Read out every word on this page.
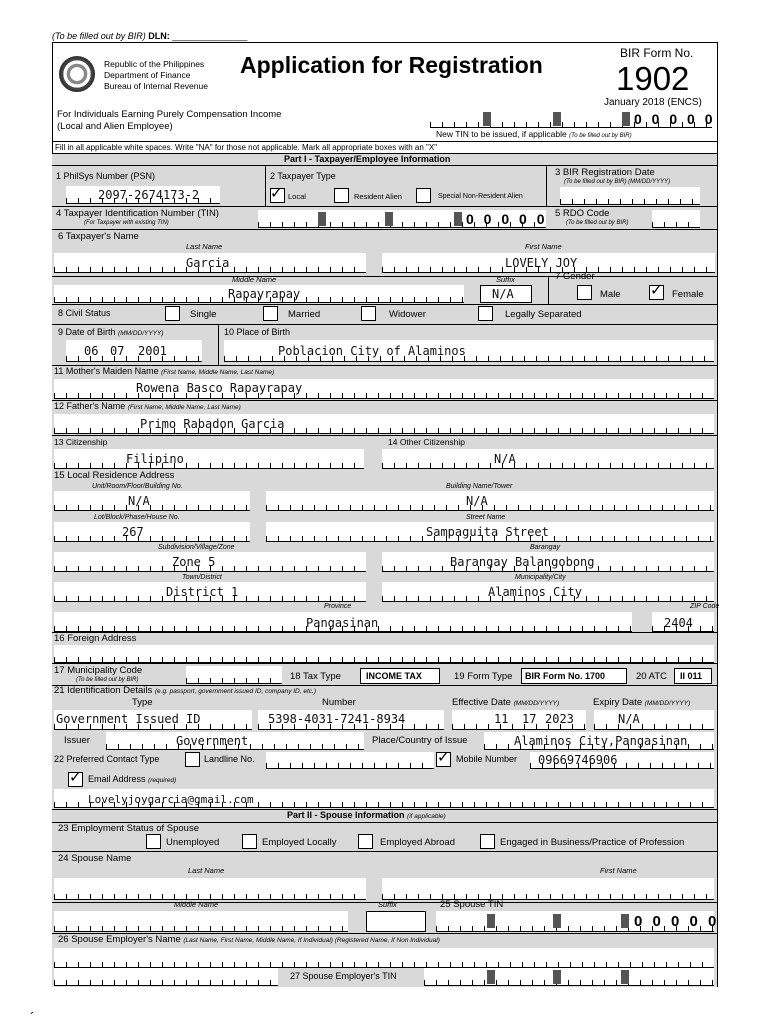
(To be filled out by BIR) DLN: _______________
Republic of the Philippines
Department of Finance
Bureau of Internal Revenue
Application for Registration	BIR Form No.
1902
January 2018 (ENCS)
For Individuals Earning Purely Compensation Income
(Local and Alien Employee)	0 0 0 0 0
New TIN to be issued, if applicable (To be filled out by BIR)
Fill in all applicable white spaces. Write "NA" for those not applicable. Mark all appropriate boxes with an "X"
Part I - Taxpayer/Employee Information
1 PhilSys Number (PSN)
2097-2674173-2
2 Taxpayer Type
✓ Local	Resident Alien	Special Non-Resident Alien
3 BIR Registration Date
(To be filled out by BIR) (MM/DD/YYYY)
4 Taxpayer Identification Number (TIN)
(For Taxpayer with existing TIN)	0 0 0 0 0 5 RDO Code
(To be filled out by BIR)
6 Taxpayer's Name
Last Name	First Name
Garcia	LOVELY JOY
Middle Name	Suffix
Rapayrapay	N/A
7 Gender
Male ✓ Female
8 Civil Status	Single	Married	Widower	Legally Separated
9 Date of Birth (MM/DD/YYYY)
06 07 2001
10 Place of Birth
Poblacion City of Alaminos
11 Mother's Maiden Name (First Name, Middle Name, Last Name)
Rowena Basco Rapayrapay
12 Father's Name (First Name, Middle Name, Last Name)
Primo Rabadon Garcia
13 Citizenship
Filipino
14 Other Citizenship
N/A
15 Local Residence Address
Unit/Room/Floor/Building No.	Building Name/Tower
N/A	N/A
Lot/Block/Phase/House No.	Street Name
267	Sampaguita Street
Subdivision/Village/Zone	Barangay
Zone 5	Barangay Balangobong
Town/District	Municipality/City
District 1	Alaminos City
Province	ZIP Code
Pangasinan	2404
16 Foreign Address
17 Municipality Code
(To be filled out by BIR)	18 Tax Type	INCOME TAX	19 Form Type BIR Form No. 1700	20 ATC II 011
21 Identification Details (e.g. passport, government issued ID, company ID, etc.)
Type	Number	Effective Date (MM/DD/YYYY)	Expiry Date (MM/DD/YYYY)
Government Issued ID	5398-4031-7241-8934	11 17 2023	N/A
Issuer	Government	Place/Country of Issue	Alaminos City,Pangasinan
22 Preferred Contact Type	Landline No.	✓ Mobile Number 09669746906
✓ Email Address (required)
Lovelyjoygarcia@gmail.com
Part II - Spouse Information (if applicable)
23 Employment Status of Spouse
Unemployed	Employed Locally	Employed Abroad	Engaged in Business/Practice of Profession
24 Spouse Name
Last Name	First Name
Middle Name	Suffix	25 Spouse TIN
0 0 0 0 0
26 Spouse Employer's Name (Last Name, First Name, Middle Name, If Individual) (Registered Name, If Non Individual)
27 Spouse Employer's TIN
´
